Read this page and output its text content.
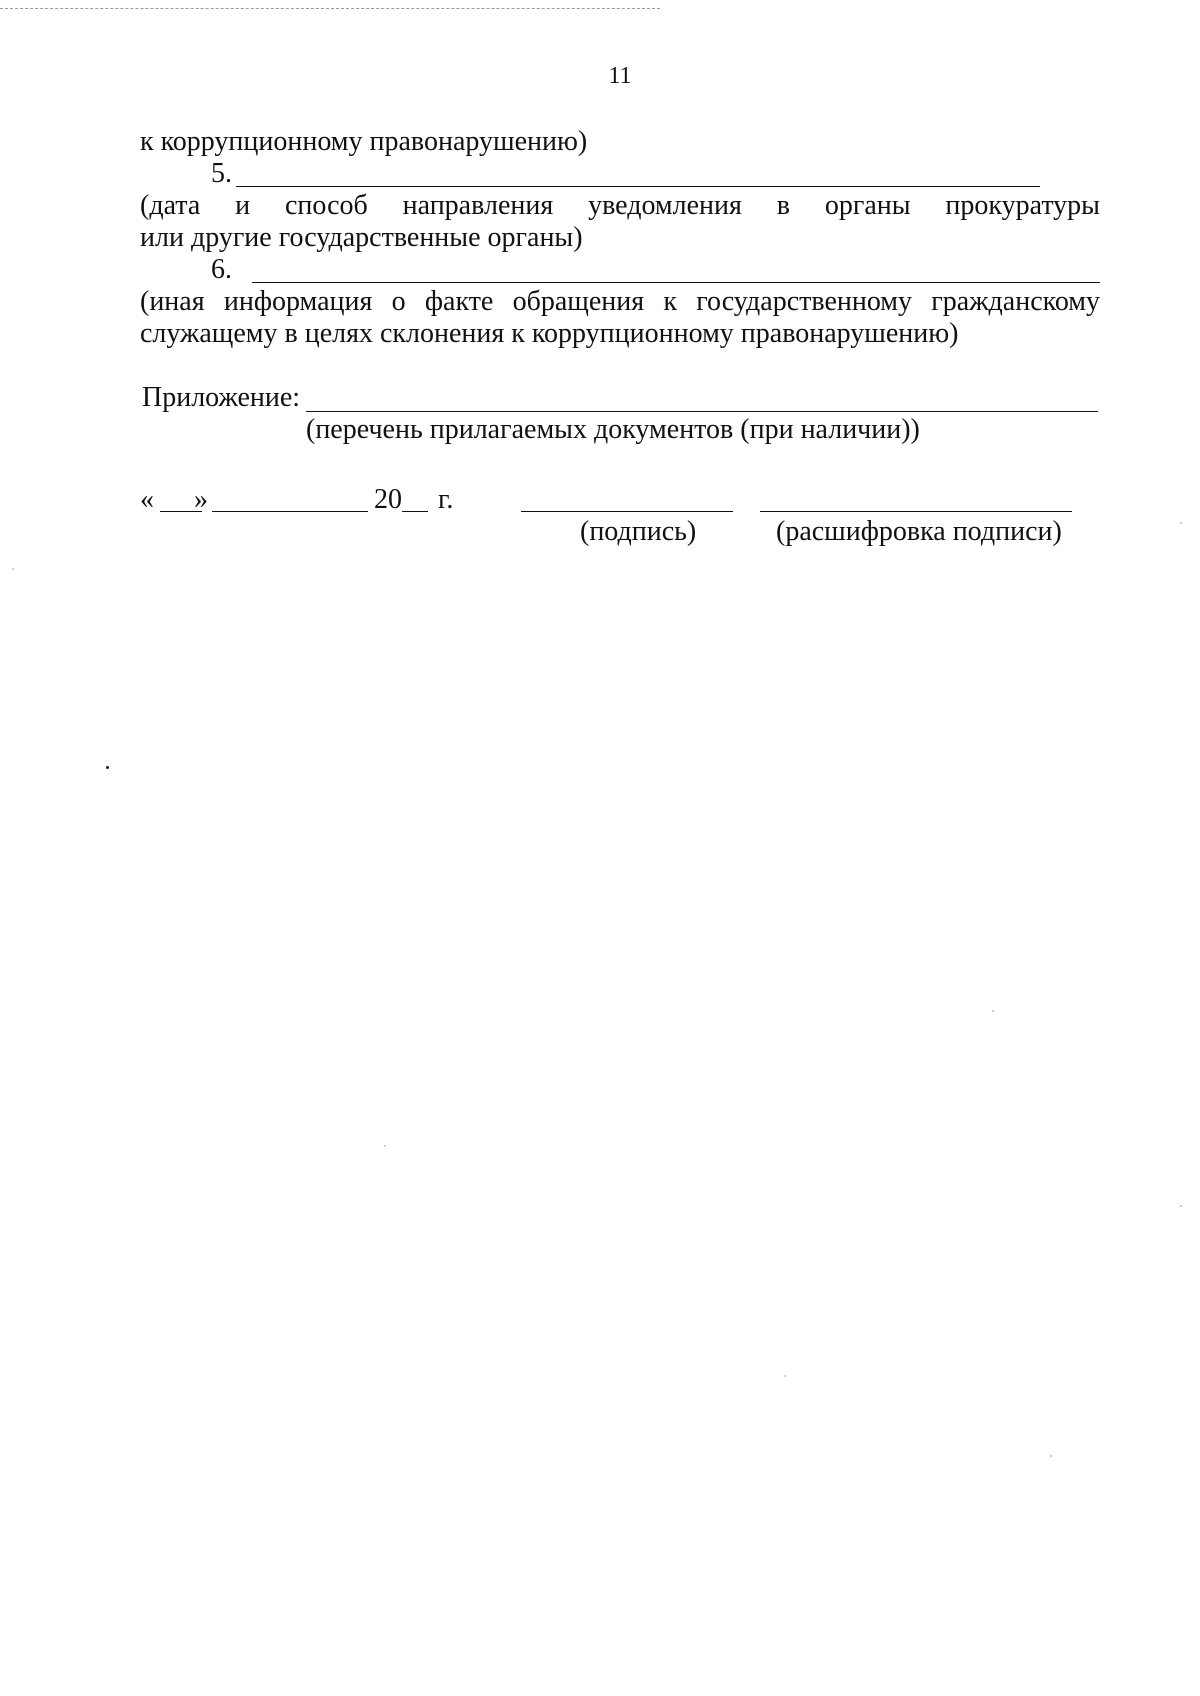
11
к коррупционному правонарушению)
5.
(дата и способ направления уведомления в органы прокуратуры
или другие государственные органы)
6.
(иная информация о факте обращения к государственному гражданскому
служащему в целях склонения к коррупционному правонарушению)
Приложение:
(перечень прилагаемых документов (при наличии))
« »	20 г.
(подпись)	(расшифровка подписи)
